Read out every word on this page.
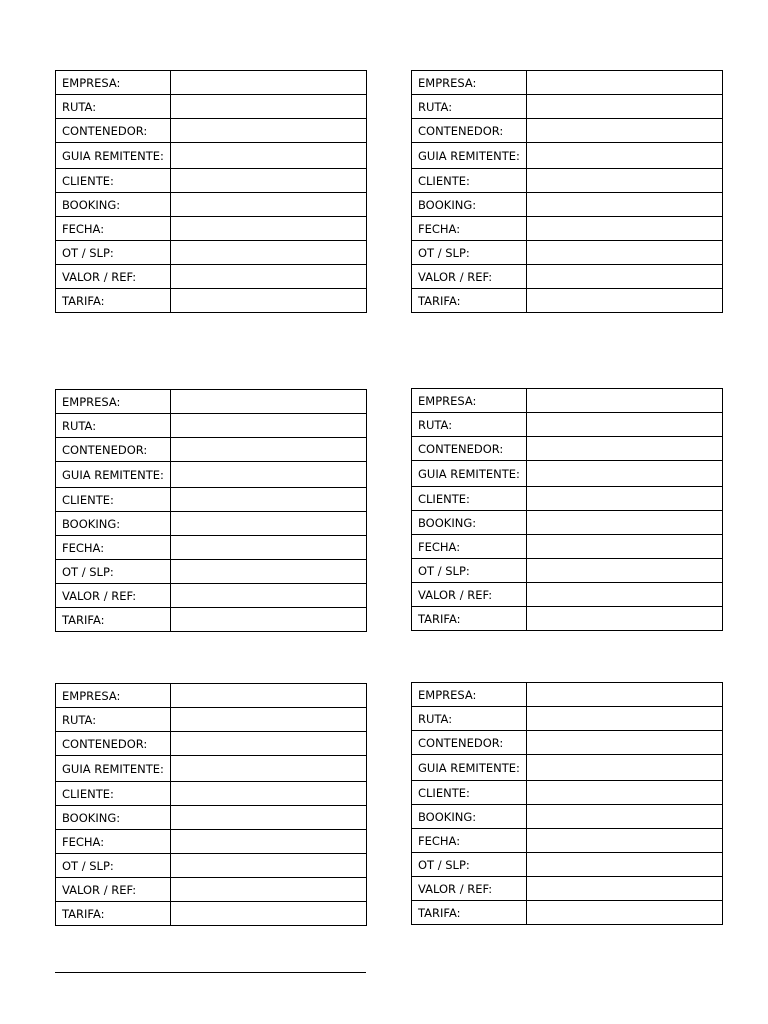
EMPRESA:	
RUTA:	
CONTENEDOR:	
GUIA REMITENTE:	
CLIENTE:	
BOOKING:	
FECHA:	
OT / SLP:	
VALOR / REF:	
TARIFA:	
EMPRESA:	
RUTA:	
CONTENEDOR:	
GUIA REMITENTE:	
CLIENTE:	
BOOKING:	
FECHA:	
OT / SLP:	
VALOR / REF:	
TARIFA:	
EMPRESA:	
RUTA:	
CONTENEDOR:	
GUIA REMITENTE:	
CLIENTE:	
BOOKING:	
FECHA:	
OT / SLP:	
VALOR / REF:	
TARIFA:	
EMPRESA:	
RUTA:	
CONTENEDOR:	
GUIA REMITENTE:	
CLIENTE:	
BOOKING:	
FECHA:	
OT / SLP:	
VALOR / REF:	
TARIFA:	
EMPRESA:	
RUTA:	
CONTENEDOR:	
GUIA REMITENTE:	
CLIENTE:	
BOOKING:	
FECHA:	
OT / SLP:	
VALOR / REF:	
TARIFA:	
EMPRESA:	
RUTA:	
CONTENEDOR:	
GUIA REMITENTE:	
CLIENTE:	
BOOKING:	
FECHA:	
OT / SLP:	
VALOR / REF:	
TARIFA:	
